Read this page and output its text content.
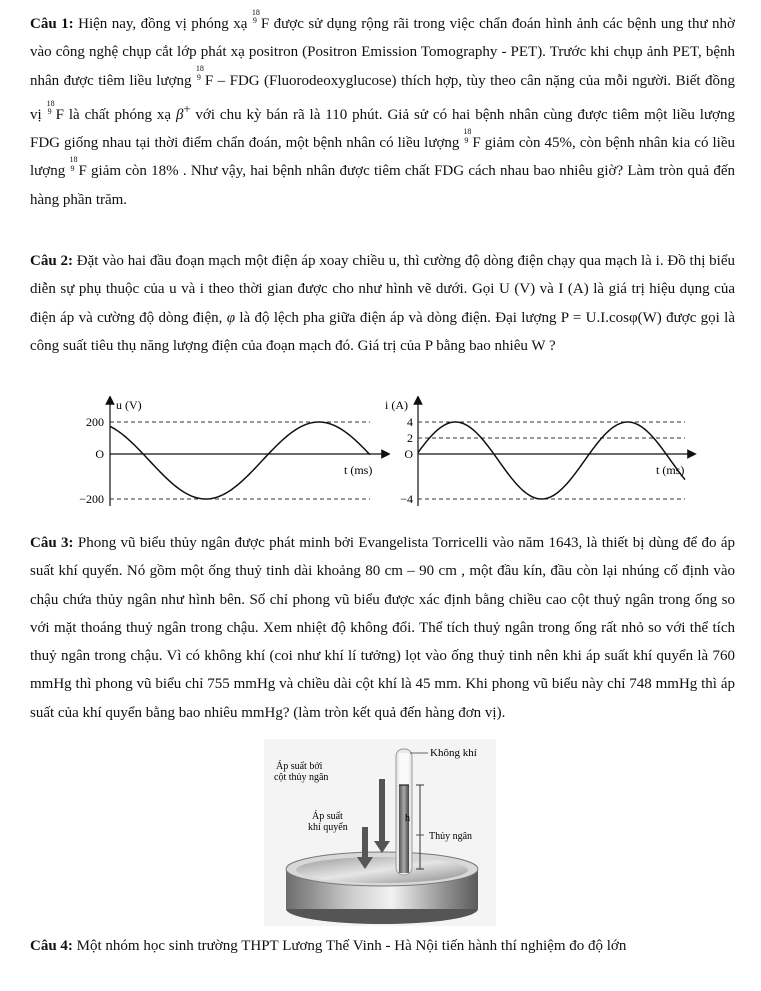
Câu 1: Hiện nay, đồng vị phóng xạ
18
9 F được sử dụng rộng rãi trong việc chẩn đoán hình ảnh các bệnh ung thư nhờ vào công nghệ chụp cắt lớp phát xạ positron (Positron Emission Tomography - PET). Trước khi chụp ảnh PET, bệnh nhân được tiêm liều lượng
18
9 F – FDG (Fluorodeoxyglucose) thích hợp, tùy theo cân nặng của mỗi người. Biết đồng vị
18
9 F là chất phóng xạ β+ với chu kỳ bán rã là 110 phút. Giả sử có hai bệnh nhân cùng được tiêm một liều lượng FDG giống nhau tại thời điểm chẩn đoán, một bệnh nhân có liều lượng
18
9 F giảm còn 45%, còn bệnh nhân kia có liều lượng
18
9 F giảm còn 18% . Như vậy, hai bệnh nhân được tiêm chất FDG cách nhau bao nhiêu giờ? Làm tròn quả đến hàng phần trăm.
Câu 2: Đặt vào hai đầu đoạn mạch một điện áp xoay chiều u, thì cường độ dòng điện chạy qua mạch là i. Đồ thị biểu diễn sự phụ thuộc của u và i theo thời gian được cho như hình vẽ dưới. Gọi U (V) và I (A) là giá trị hiệu dụng của điện áp và cường độ dòng điện, φ là độ lệch pha giữa điện áp và dòng điện. Đại lượng P = U.I.cosφ(W) được gọi là công suất tiêu thụ năng lượng điện của đoạn mạch đó. Giá trị của P bằng bao nhiêu W ?
u (V)
200
O
−200
t (ms)
i (A)
4
2
O
−4
t (ms)
Câu 3: Phong vũ biểu thủy ngân được phát minh bởi Evangelista Torricelli vào năm 1643, là thiết bị dùng để đo áp suất khí quyển. Nó gồm một ống thuỷ tinh dài khoảng 80 cm – 90 cm , một đầu kín, đầu còn lại nhúng cố định vào chậu chứa thủy ngân như hình bên. Số chỉ phong vũ biểu được xác định bằng chiều cao cột thuỷ ngân trong ống so với mặt thoáng thuỷ ngân trong chậu. Xem nhiệt độ không đổi. Thể tích thuỷ ngân trong ống rất nhỏ so với thể tích thuỷ ngân trong chậu. Vì có không khí (coi như khí lí tưởng) lọt vào ống thuỷ tinh nên khi áp suất khí quyển là 760 mmHg thì phong vũ biểu chỉ 755 mmHg và chiều dài cột khí là 45 mm. Khi phong vũ biểu này chỉ 748 mmHg thì áp suất của khí quyển bằng bao nhiêu mmHg? (làm tròn kết quả đến hàng đơn vị).
Không khí
Áp suất bởi
cột thủy ngân
Áp suất
khí quyển
h
Thủy ngân
Câu 4: Một nhóm học sinh trường THPT Lương Thế Vinh - Hà Nội tiến hành thí nghiệm đo độ lớn
